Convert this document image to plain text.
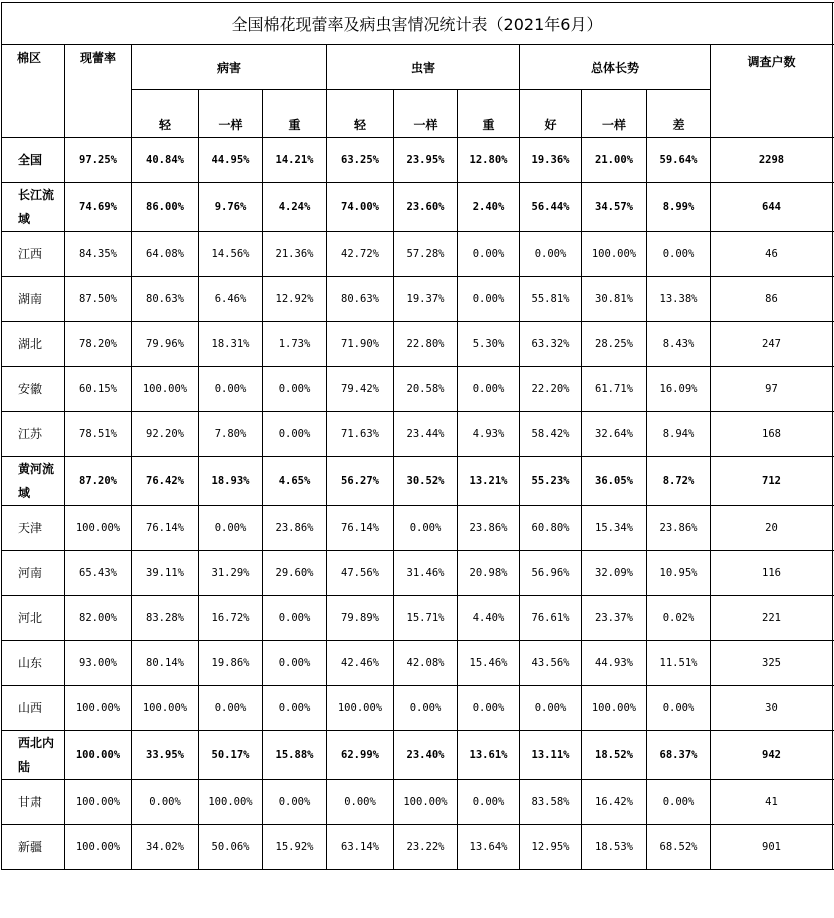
全国棉花现蕾率及病虫害情况统计表（2021年6月）											
棉区	现蕾率	病害			虫害			总体长势			调查户数
		轻	一样	重	轻	一样	重	好	一样	差	
全国	97.25%	40.84%	44.95%	14.21%	63.25%	23.95%	12.80%	19.36%	21.00%	59.64%	2298
长江流域	74.69%	86.00%	9.76%	4.24%	74.00%	23.60%	2.40%	56.44%	34.57%	8.99%	644
江西	84.35%	64.08%	14.56%	21.36%	42.72%	57.28%	0.00%	0.00%	100.00%	0.00%	46
湖南	87.50%	80.63%	6.46%	12.92%	80.63%	19.37%	0.00%	55.81%	30.81%	13.38%	86
湖北	78.20%	79.96%	18.31%	1.73%	71.90%	22.80%	5.30%	63.32%	28.25%	8.43%	247
安徽	60.15%	100.00%	0.00%	0.00%	79.42%	20.58%	0.00%	22.20%	61.71%	16.09%	97
江苏	78.51%	92.20%	7.80%	0.00%	71.63%	23.44%	4.93%	58.42%	32.64%	8.94%	168
黄河流域	87.20%	76.42%	18.93%	4.65%	56.27%	30.52%	13.21%	55.23%	36.05%	8.72%	712
天津	100.00%	76.14%	0.00%	23.86%	76.14%	0.00%	23.86%	60.80%	15.34%	23.86%	20
河南	65.43%	39.11%	31.29%	29.60%	47.56%	31.46%	20.98%	56.96%	32.09%	10.95%	116
河北	82.00%	83.28%	16.72%	0.00%	79.89%	15.71%	4.40%	76.61%	23.37%	0.02%	221
山东	93.00%	80.14%	19.86%	0.00%	42.46%	42.08%	15.46%	43.56%	44.93%	11.51%	325
山西	100.00%	100.00%	0.00%	0.00%	100.00%	0.00%	0.00%	0.00%	100.00%	0.00%	30
西北内陆	100.00%	33.95%	50.17%	15.88%	62.99%	23.40%	13.61%	13.11%	18.52%	68.37%	942
甘肃	100.00%	0.00%	100.00%	0.00%	0.00%	100.00%	0.00%	83.58%	16.42%	0.00%	41
新疆	100.00%	34.02%	50.06%	15.92%	63.14%	23.22%	13.64%	12.95%	18.53%	68.52%	901
